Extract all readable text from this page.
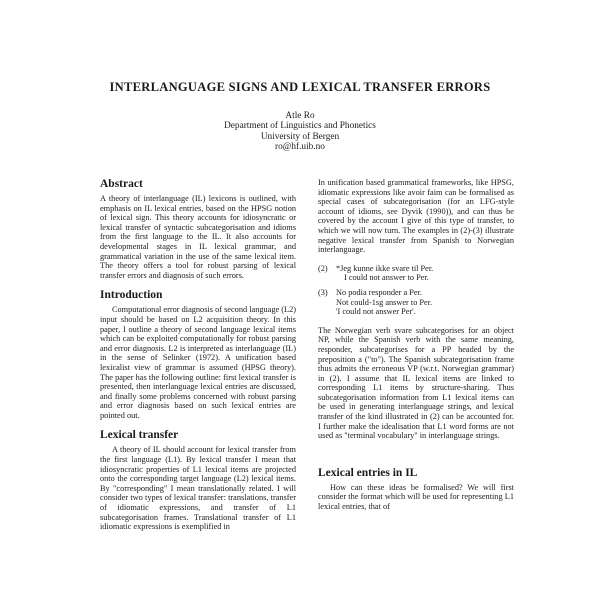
INTERLANGUAGE SIGNS AND LEXICAL TRANSFER ERRORS
Atle Ro
Department of Linguistics and Phonetics
University of Bergen
ro@hf.uib.no
Abstract

A theory of interlanguage (IL) lexicons is outlined, with emphasis on IL lexical entries, based on the HPSG notion of lexical sign. This theory accounts for idiosyncratic or lexical transfer of syntactic subcategorisation and idioms from the first language to the IL. It also accounts for developmental stages in IL lexical grammar, and grammatical variation in the use of the same lexical item. The theory offers a tool for robust parsing of lexical transfer errors and diagnosis of such errors.

Introduction

Computational error diagnosis of second language (L2) input should be based on L2 acquisition theory. In this paper, I outline a theory of second language lexical items which can be exploited computationally for robust parsing and error diagnosis. L2 is interpreted as interlanguage (IL) in the sense of Selinker (1972). A unification based lexicalist view of grammar is assumed (HPSG theory). The paper has the following outline: first lexical transfer is presented, then interlanguage lexical entries are discussed, and finally some problems concerned with robust parsing and error diagnosis based on such lexical entries are pointed out.

Lexical transfer

A theory of IL should account for lexical transfer from the first language (L1). By lexical transfer I mean that idiosyncratic properties of L1 lexical items are projected onto the corresponding target language (L2) lexical items. By "corresponding" I mean translationally related. I will consider two types of lexical transfer: translations, transfer of idiomatic expressions, and transfer of L1 subcategorisation frames. Translational transfer of L1 idiomatic expressions is exemplified in

In unification based grammatical frameworks, like HPSG, idiomatic expressions like avoir faim can be formalised as special cases of subcategorisation (for an LFG-style account of idioms, see Dyvik (1990)), and can thus be covered by the account I give of this type of transfer, to which we will now turn. The examples in (2)-(3) illustrate negative lexical transfer from Spanish to Norwegian interlanguage.

(2) *Jeg kunne ikke svare til Per.
I could not answer to Per.
(3) No podia responder a Per.
Not could-1sg answer to Per.
'I could not answer Per'.

The Norwegian verb svare subcategorises for an object NP, while the Spanish verb with the same meaning, responder, subcategorises for a PP headed by the preposition a ("to"). The Spanish subcategorisation frame thus admits the erroneous VP (w.r.t. Norwegian grammar) in (2). I assume that IL lexical items are linked to corresponding L1 items by structure-sharing. Thus subcategorisation information from L1 lexical items can be used in generating interlanguage strings, and lexical transfer of the kind illustrated in (2) can be accounted for. I further make the idealisation that L1 word forms are not used as "terminal vocabulary" in interlanguage strings.

Lexical entries in IL

How can these ideas be formalised? We will first consider the format which will be used for representing L1 lexical entries, that of
